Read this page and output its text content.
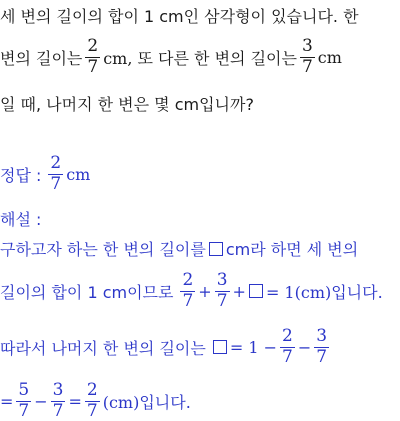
세 변의 길이의 합이 1 cm인 삼각형이 있습니다. 한
변의 길이는 $\frac{2}{7}$ cm, 또 다른 한 변의 길이는 $\frac{3}{7}$ cm
일 때, 나머지 한 변은 몇 cm입니까?
정답 : $\frac{2}{7}$ cm
해설 :
구하고자 하는 한 변의 길이를 cm라 하면 세 변의
길이의 합이 1 cm이므로 $\frac{2}{7} + \frac{3}{7}$ + = 1(cm)입니다.
따라서 나머지 한 변의 길이는 = $1 - \frac{2}{7} - \frac{3}{7}$
= $\frac{5}{7} - \frac{3}{7} = \frac{2}{7} (cm)$입니다.
